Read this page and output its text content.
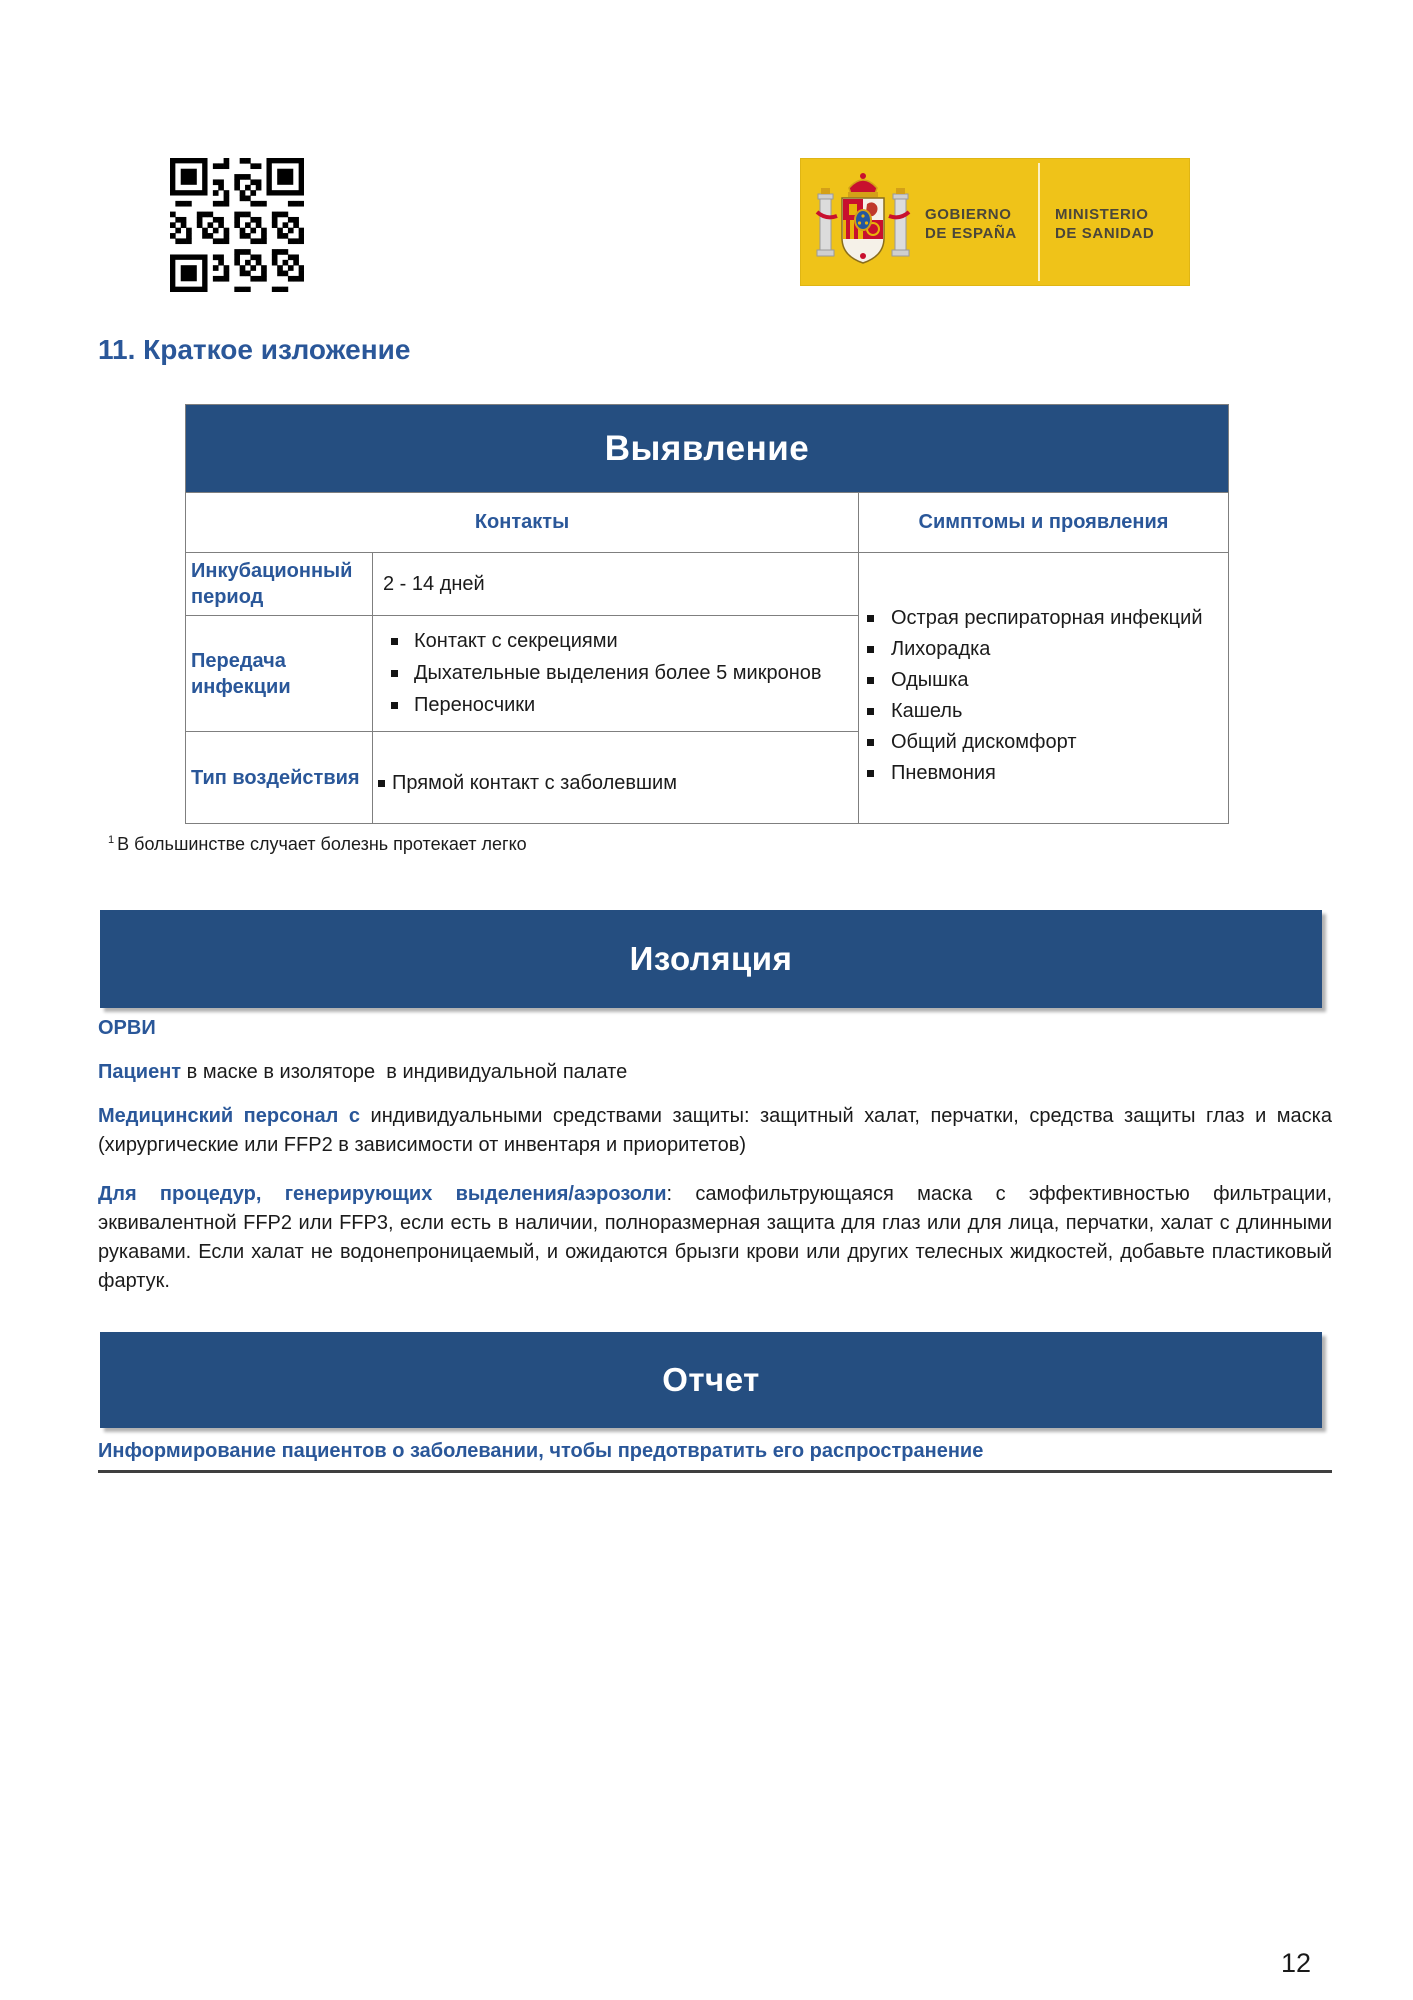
GOBIERNO
DE ESPAÑA
MINISTERIO
DE SANIDAD
11. Краткое изложение
Выявление		
Контакты		Симптомы и проявления
Инкубационный период	2 - 14 дней	
Острая респираторная инфекций
Лихорадка
Одышка
Кашель
Общий дискомфорт
Пневмония

Передача инфекции	Контакт с секрециями
Дыхательные выделения более 5 микронов
Переносчики	

Тип воздействия	Прямой контакт с заболевшим	
$^1$ В большинстве случает болезнь протекает легко
Изоляция

ОРВИ

Пациент в маске в изоляторе  в индивидуальной палате

Медицинский персонал с индивидуальными средствами защиты: защитный халат, перчатки, средства защиты глаз и маска (хирургические или FFP2 в зависимости от инвентаря и приоритетов)

Для процедур, генерирующих выделения/аэрозоли: самофильтрующаяся маска с эффективностью фильтрации, эквивалентной FFP2 или FFP3, если есть в наличии, полноразмерная защита для глаз или для лица, перчатки, халат с длинными рукавами. Если халат не водонепроницаемый, и ожидаются брызги крови или других телесных жидкостей, добавьте пластиковый фартук.

Отчет
Информирование пациентов о заболевании, чтобы предотвратить его распространение
12
